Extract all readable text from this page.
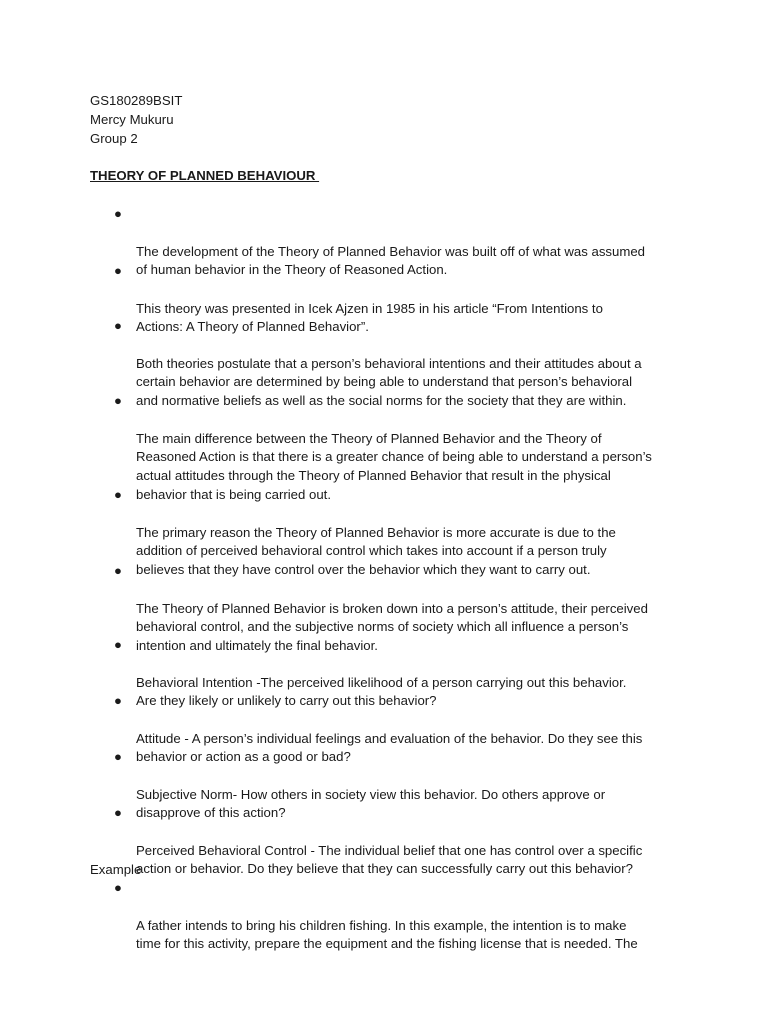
GS180289BSIT
Mercy Mukuru
Group 2
THEORY OF PLANNED BEHAVIOUR

●

The development of the Theory of Planned Behavior was built off of what was assumed
of human behavior in the Theory of Reasoned Action.

●

This theory was presented in Icek Ajzen in 1985 in his article “From Intentions to
Actions: A Theory of Planned Behavior”.

●

Both theories postulate that a person’s behavioral intentions and their attitudes about a
certain behavior are determined by being able to understand that person’s behavioral
and normative beliefs as well as the social norms for the society that they are within.

●

The main difference between the Theory of Planned Behavior and the Theory of
Reasoned Action is that there is a greater chance of being able to understand a person’s
actual attitudes through the Theory of Planned Behavior that result in the physical
behavior that is being carried out.

●

The primary reason the Theory of Planned Behavior is more accurate is due to the
addition of perceived behavioral control which takes into account if a person truly
believes that they have control over the behavior which they want to carry out.

●

The Theory of Planned Behavior is broken down into a person’s attitude, their perceived
behavioral control, and the subjective norms of society which all influence a person’s
intention and ultimately the final behavior.

●

Behavioral Intention -The perceived likelihood of a person carrying out this behavior.
Are they likely or unlikely to carry out this behavior?

●

Attitude - A person’s individual feelings and evaluation of the behavior. Do they see this
behavior or action as a good or bad?

●

Subjective Norm- How others in society view this behavior. Do others approve or
disapprove of this action?

●

Perceived Behavioral Control - The individual belief that one has control over a specific
action or behavior. Do they believe that they can successfully carry out this behavior?

●

A father intends to bring his children fishing. In this example, the intention is to make
time for this activity, prepare the equipment and the fishing license that is needed. The

Example
